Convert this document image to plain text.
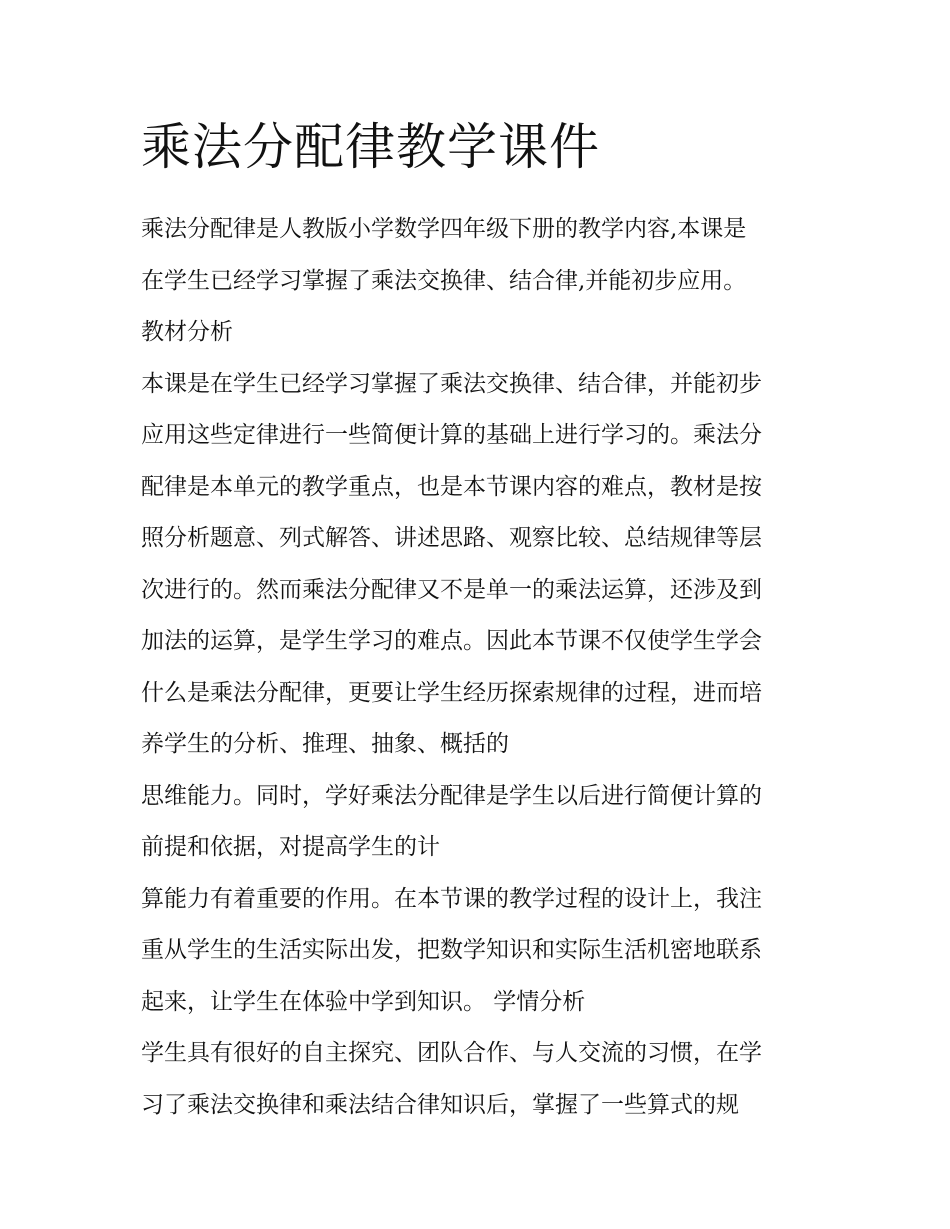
乘法分配律教学课件
乘法分配律是人教版小学数学四年级下册的教学内容,本课是
在学生已经学习掌握了乘法交换律、结合律,并能初步应用。
教材分析
本课是在学生已经学习掌握了乘法交换律、结合律，并能初步
应用这些定律进行一些简便计算的基础上进行学习的。乘法分
配律是本单元的教学重点，也是本节课内容的难点，教材是按
照分析题意、列式解答、讲述思路、观察比较、总结规律等层
次进行的。然而乘法分配律又不是单一的乘法运算，还涉及到
加法的运算，是学生学习的难点。因此本节课不仅使学生学会
什么是乘法分配律，更要让学生经历探索规律的过程，进而培
养学生的分析、推理、抽象、概括的
思维能力。同时，学好乘法分配律是学生以后进行简便计算的
前提和依据，对提高学生的计
算能力有着重要的作用。在本节课的教学过程的设计上，我注
重从学生的生活实际出发，把数学知识和实际生活机密地联系
起来，让学生在体验中学到知识。 学情分析
学生具有很好的自主探究、团队合作、与人交流的习惯，在学
习了乘法交换律和乘法结合律知识后，掌握了一些算式的规
